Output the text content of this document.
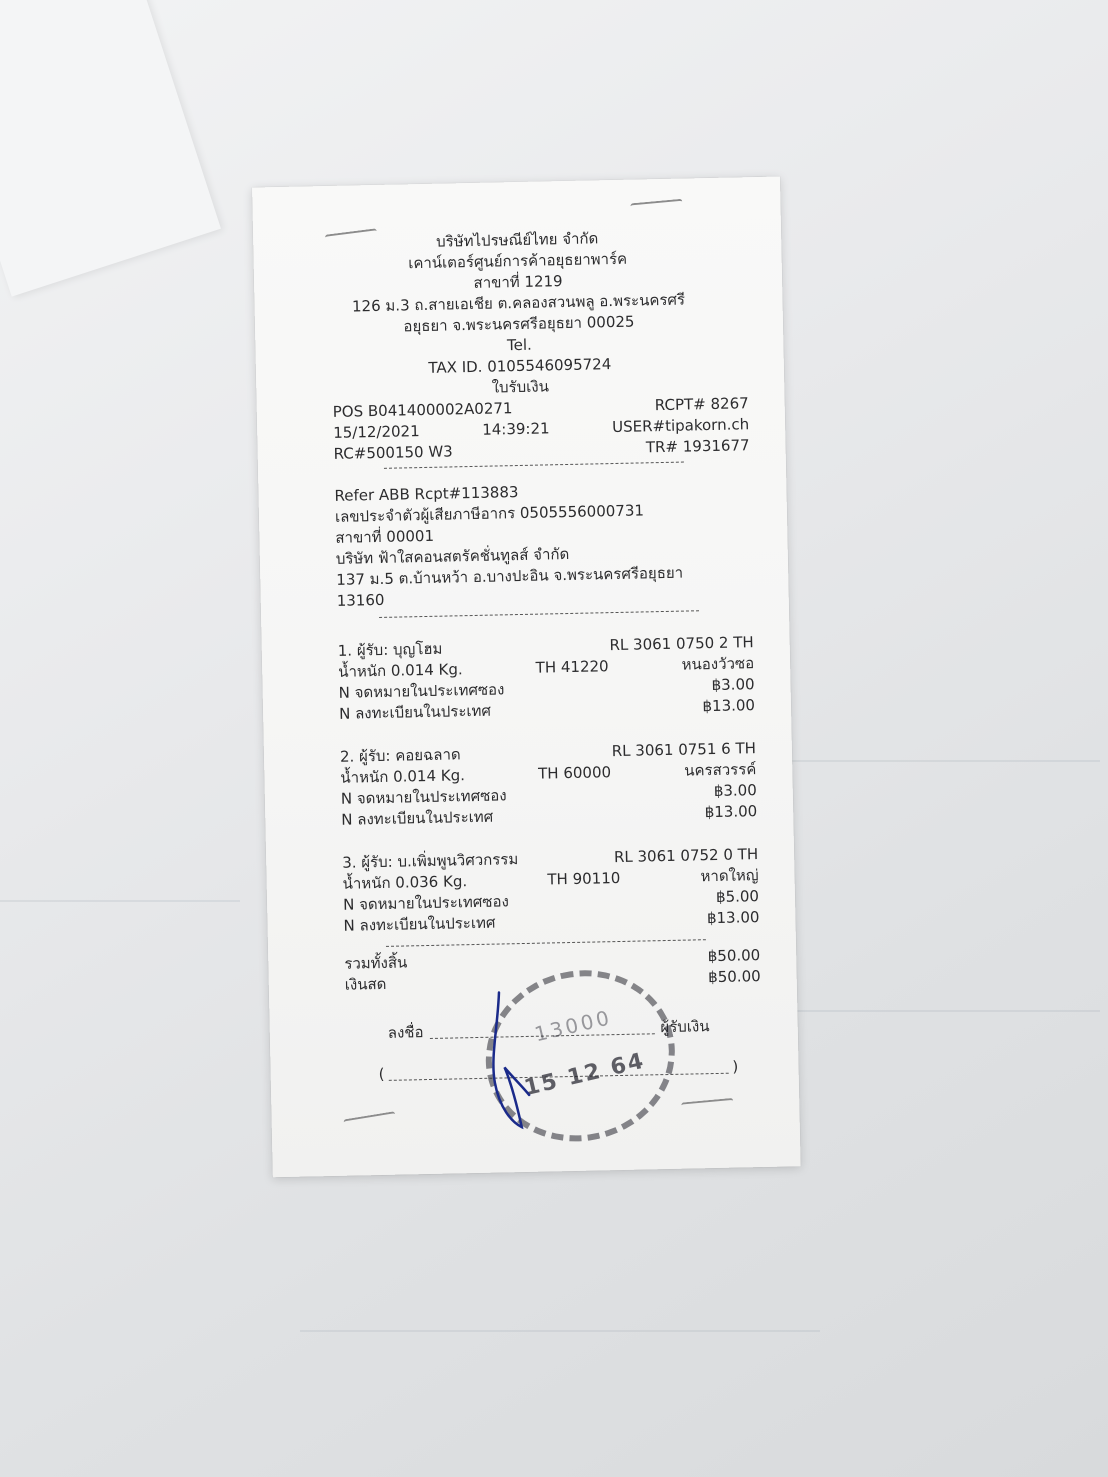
บริษัทไปรษณีย์ไทย จำกัด
เคาน์เตอร์ศูนย์การค้าอยุธยาพาร์ค
สาขาที่ 1219
126 ม.3 ถ.สายเอเชีย ต.คลองสวนพลู อ.พระนครศรี
อยุธยา จ.พระนครศรีอยุธยา 00025
Tel.
TAX ID. 0105546095724
ใบรับเงิน
POS B041400002A0271	RCPT# 8267
15/12/2021	14:39:21	USER#tipakorn.ch
RC#500150 W3	TR# 1931677
Refer ABB Rcpt#113883
เลขประจำตัวผู้เสียภาษีอากร 0505556000731
สาขาที่ 00001
บริษัท ฟ้าใสคอนสตรัคชั่นทูลส์ จำกัด
137 ม.5 ต.บ้านหว้า อ.บางปะอิน จ.พระนครศรีอยุธยา
13160
1. ผู้รับ: บุญโฮม	RL 3061 0750 2 TH
น้ำหนัก 0.014 Kg.	TH 41220	หนองวัวซอ
N จดหมายในประเทศซอง	฿3.00
N ลงทะเบียนในประเทศ	฿13.00
2. ผู้รับ: คอยฉลาด	RL 3061 0751 6 TH
น้ำหนัก 0.014 Kg.	TH 60000	นครสวรรค์
N จดหมายในประเทศซอง	฿3.00
N ลงทะเบียนในประเทศ	฿13.00
3. ผู้รับ: บ.เพิ่มพูนวิศวกรรม	RL 3061 0752 0 TH
น้ำหนัก 0.036 Kg.	TH 90110	หาดใหญ่
N จดหมายในประเทศซอง	฿5.00
N ลงทะเบียนในประเทศ	฿13.00
รวมทั้งสิ้น	฿50.00
เงินสด	฿50.00
ลงชื่อ	ผู้รับเงิน
(	)
13000
15 12 64
